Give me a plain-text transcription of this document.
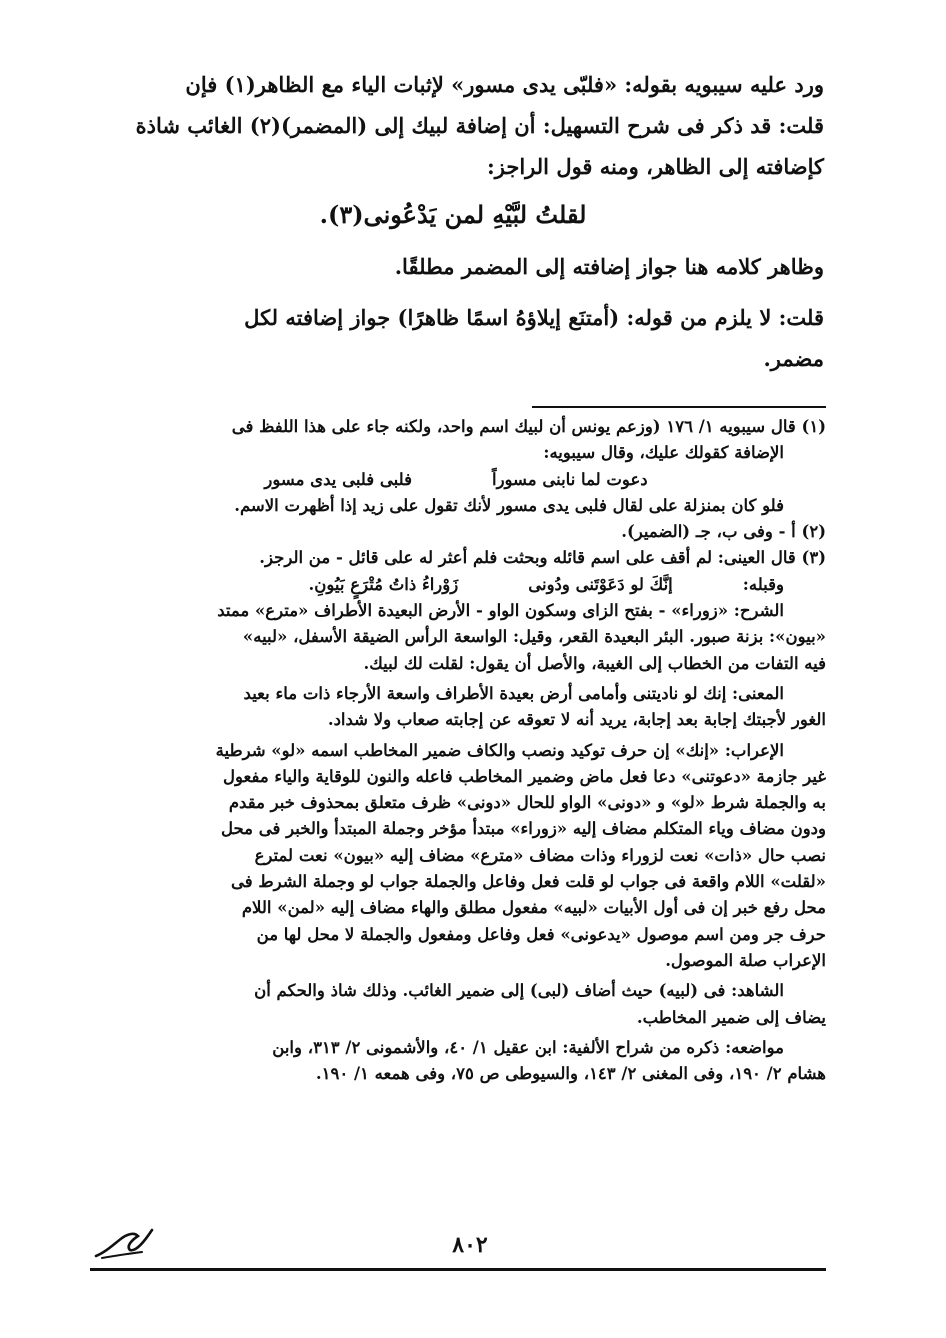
ورد عليه سيبويه بقوله: «فلبّى يدى مسور» لإثبات الياء مع الظاهر(١) فإن

قلت: قد ذكر فى شرح التسهيل: أن إضافة لبيك إلى (المضمر)(٢) الغائب شاذة

كإضافته إلى الظاهر، ومنه قول الراجز:

لقلتُ لبَّيْهِ لمن يَدْعُونى(٣).

وظاهر كلامه هنا جواز إضافته إلى المضمر مطلقًا.

قلت: لا يلزم من قوله: (أمتنَع إيلاؤهُ اسمًا ظاهرًا) جواز إضافته لكل

مضمر.

(١) قال سيبويه ١/ ١٧٦ (وزعم يونس أن لبيك اسم واحد، ولكنه جاء على هذا اللفظ فى

الإضافة كقولك عليك، وقال سيبويه:

دعوت لما نابنى مسوراً
فلبى فلبى يدى مسور

فلو كان بمنزلة على لقال فلبى يدى مسور لأنك تقول على زيد إذا أظهرت الاسم.

(٢) أ - وفى ب، جـ (الضمير).

(٣) قال العينى: لم أقف على اسم قائله وبحثت فلم أعثر له على قائل - من الرجز.

وقبله:
إنَّكَ لو دَعَوْتَنى ودُونى
زَوْراءُ ذاتُ مُتْرَعٍ بَيُونِ.

الشرح: «زوراء» - بفتح الزاى وسكون الواو - الأرض البعيدة الأطراف «مترع» ممتد

«بيون»: بزنة صبور. البئر البعيدة القعر، وقيل: الواسعة الرأس الضيقة الأسفل، «لبيه»

فيه التفات من الخطاب إلى الغيبة، والأصل أن يقول: لقلت لك لبيك.

المعنى: إنك لو ناديتنى وأمامى أرض بعيدة الأطراف واسعة الأرجاء ذات ماء بعيد

الغور لأجبتك إجابة بعد إجابة، يريد أنه لا تعوقه عن إجابته صعاب ولا شداد.

الإعراب: «إنك» إن حرف توكيد ونصب والكاف ضمير المخاطب اسمه «لو» شرطية

غير جازمة «دعوتنى» دعا فعل ماض وضمير المخاطب فاعله والنون للوقاية والياء مفعول

به والجملة شرط «لو» و «دونى» الواو للحال «دونى» ظرف متعلق بمحذوف خبر مقدم

ودون مضاف وياء المتكلم مضاف إليه «زوراء» مبتدأ مؤخر وجملة المبتدأ والخبر فى محل

نصب حال «ذات» نعت لزوراء وذات مضاف «مترع» مضاف إليه «بيون» نعت لمترع

«لقلت» اللام واقعة فى جواب لو قلت فعل وفاعل والجملة جواب لو وجملة الشرط فى

محل رفع خبر إن فى أول الأبيات «لبيه» مفعول مطلق والهاء مضاف إليه «لمن» اللام

حرف جر ومن اسم موصول «يدعونى» فعل وفاعل ومفعول والجملة لا محل لها من

الإعراب صلة الموصول.

الشاهد: فى (لبيه) حيث أضاف (لبى) إلى ضمير الغائب. وذلك شاذ والحكم أن

يضاف إلى ضمير المخاطب.

مواضعه: ذكره من شراح الألفية: ابن عقيل ١/ ٤٠، والأشمونى ٢/ ٣١٣، وابن

هشام ٢/ ١٩٠، وفى المغنى ٢/ ١٤٣، والسيوطى ص ٧٥، وفى همعه ١/ ١٩٠.

٨٠٢
